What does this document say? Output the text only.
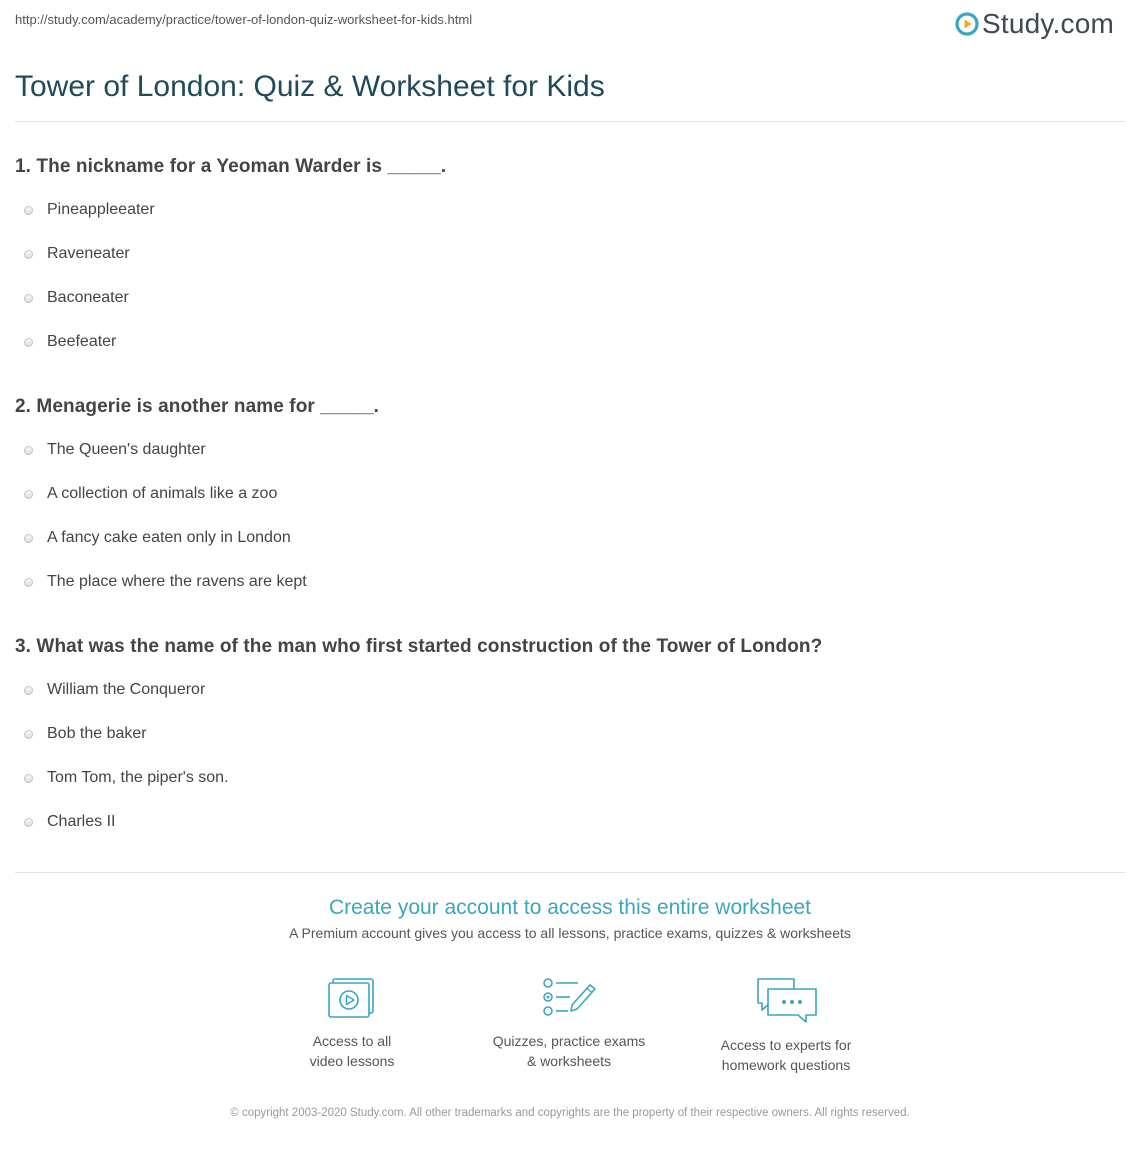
http://study.com/academy/practice/tower-of-london-quiz-worksheet-for-kids.html	Study.com
Tower of London: Quiz & Worksheet for Kids
1. The nickname for a Yeoman Warder is _____.
Pineappleeater
Raveneater
Baconeater
Beefeater
2. Menagerie is another name for _____.
The Queen's daughter
A collection of animals like a zoo
A fancy cake eaten only in London
The place where the ravens are kept
3. What was the name of the man who first started construction of the Tower of London?
William the Conqueror
Bob the baker
Tom Tom, the piper's son.
Charles II
Create your account to access this entire worksheet
A Premium account gives you access to all lessons, practice exams, quizzes & worksheets
Access to all
video lessons
Quizzes, practice exams
& worksheets
Access to experts for
homework questions
© copyright 2003-2020 Study.com. All other trademarks and copyrights are the property of their respective owners. All rights reserved.
